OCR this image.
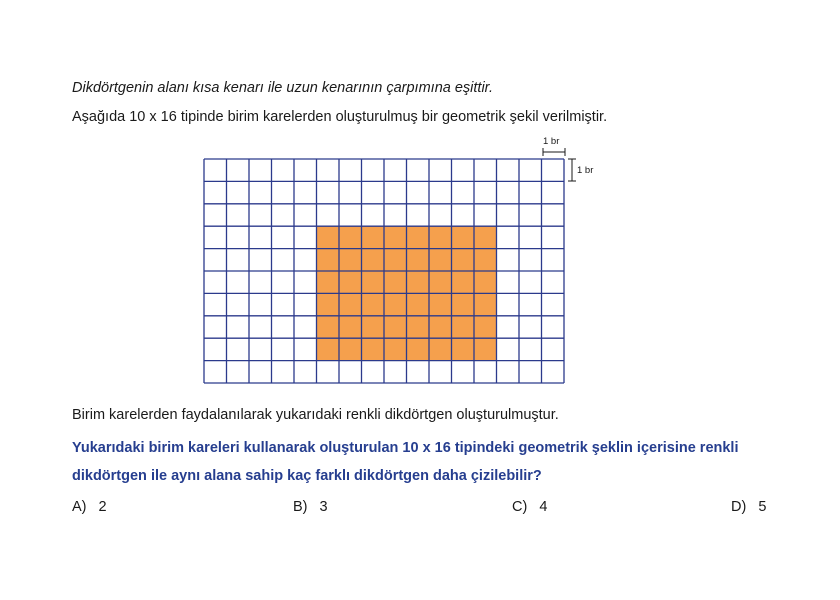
Dikdörtgenin alanı kısa kenarı ile uzun kenarının çarpımına eşittir.
Aşağıda 10 x 16 tipinde birim karelerden oluşturulmuş bir geometrik şekil verilmiştir.
1 br
1 br
Birim karelerden faydalanılarak yukarıdaki renkli dikdörtgen oluşturulmuştur.
Yukarıdaki birim kareleri kullanarak oluşturulan 10 x 16 tipindeki geometrik şeklin içerisine renkli dikdörtgen ile aynı alana sahip kaç farklı dikdörtgen daha çizilebilir?
A) 2	B) 3	C) 4	D) 5
